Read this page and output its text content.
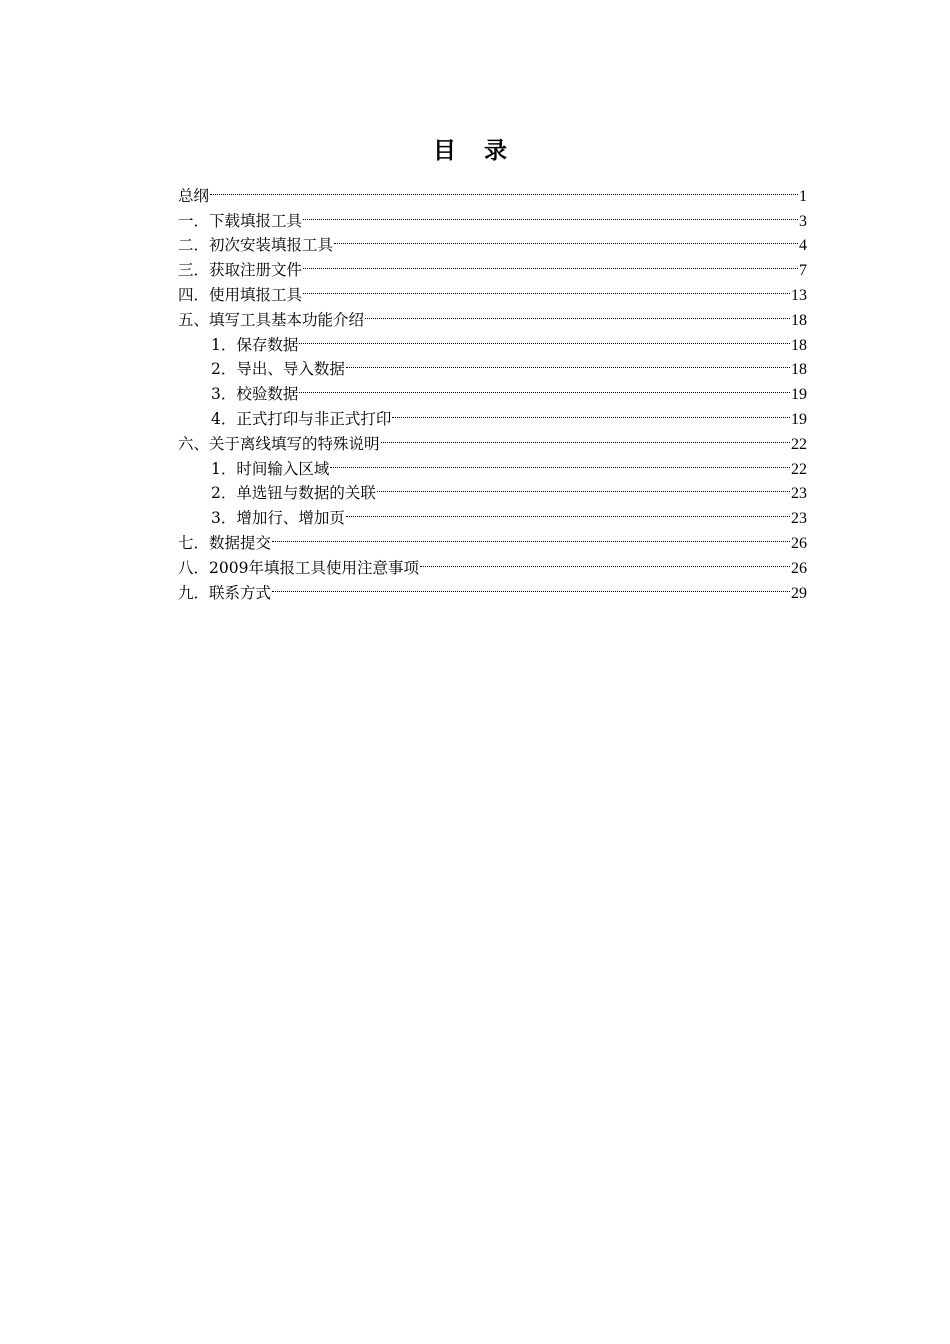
目 录
总纲	1
一．下载填报工具	3
二．初次安装填报工具	4
三．获取注册文件	7
四．使用填报工具	13
五、填写工具基本功能介绍	18
1．保存数据	18
2．导出、导入数据	18
3．校验数据	19
4．正式打印与非正式打印	19
六、关于离线填写的特殊说明	22
1．时间输入区域	22
2．单选钮与数据的关联	23
3．增加行、增加页	23
七．数据提交	26
八．2009年填报工具使用注意事项	26
九．联系方式	29
